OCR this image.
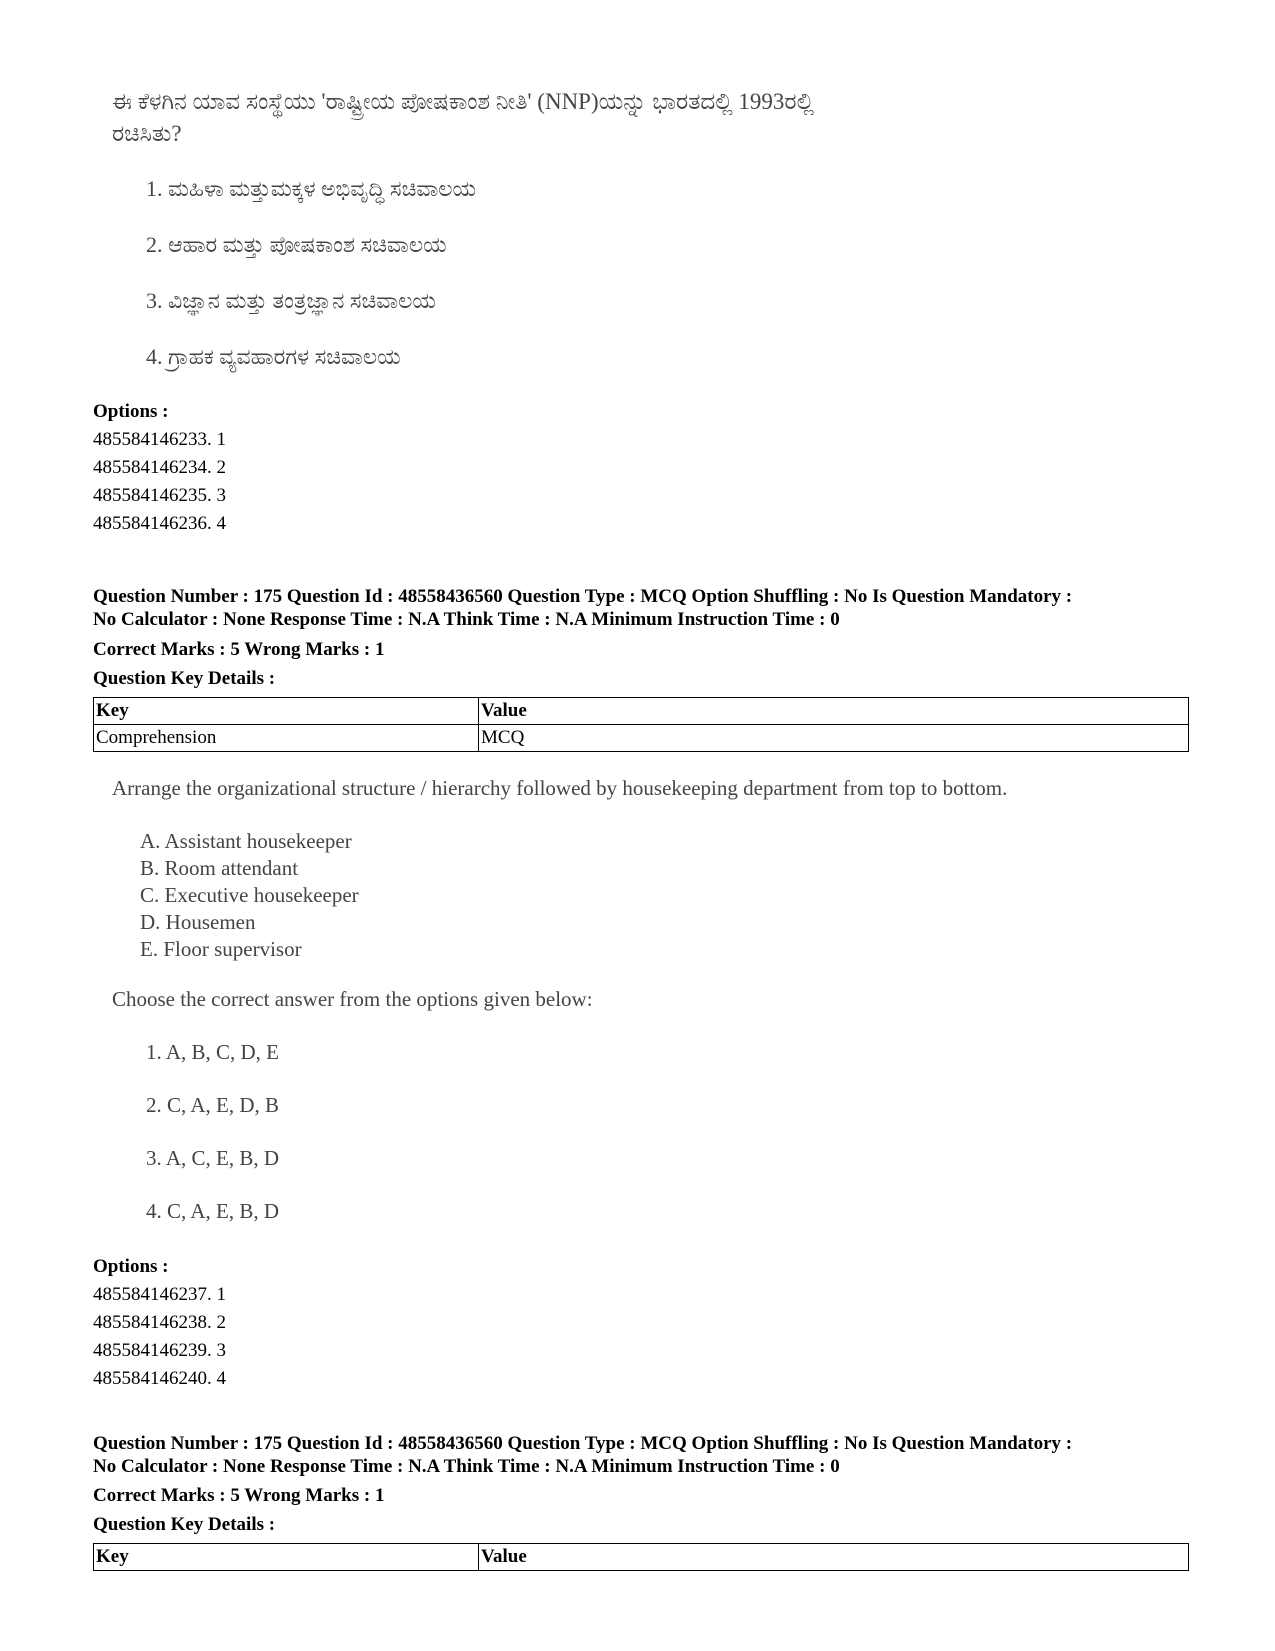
ಈ ಕೆಳಗಿನ ಯಾವ ಸಂಸ್ಥೆಯು 'ರಾಷ್ಟ್ರೀಯ ಪೋಷಕಾಂಶ ನೀತಿ' (NNP)ಯನ್ನು ಭಾರತದಲ್ಲಿ 1993ರಲ್ಲಿ
ರಚಿಸಿತು?
1. ಮಹಿಳಾ ಮತ್ತುಮಕ್ಕಳ ಅಭಿವೃದ್ಧಿ ಸಚಿವಾಲಯ
2. ಆಹಾರ ಮತ್ತು ಪೋಷಕಾಂಶ ಸಚಿವಾಲಯ
3. ವಿಜ್ಞಾನ ಮತ್ತು ತಂತ್ರಜ್ಞಾನ ಸಚಿವಾಲಯ
4. ಗ್ರಾಹಕ ವ್ಯವಹಾರಗಳ ಸಚಿವಾಲಯ
Options :
485584146233. 1
485584146234. 2
485584146235. 3
485584146236. 4
Question Number : 175 Question Id : 48558436560 Question Type : MCQ Option Shuffling : No Is Question Mandatory :
No Calculator : None Response Time : N.A Think Time : N.A Minimum Instruction Time : 0
Correct Marks : 5 Wrong Marks : 1
Question Key Details :
Key	Value
Comprehension	MCQ
Arrange the organizational structure / hierarchy followed by housekeeping department from top to bottom.
A. Assistant housekeeper
B. Room attendant
C. Executive housekeeper
D. Housemen
E. Floor supervisor
Choose the correct answer from the options given below:
1. A, B, C, D, E
2. C, A, E, D, B
3. A, C, E, B, D
4. C, A, E, B, D
Options :
485584146237. 1
485584146238. 2
485584146239. 3
485584146240. 4
Question Number : 175 Question Id : 48558436560 Question Type : MCQ Option Shuffling : No Is Question Mandatory :
No Calculator : None Response Time : N.A Think Time : N.A Minimum Instruction Time : 0
Correct Marks : 5 Wrong Marks : 1
Question Key Details :
Key	Value
